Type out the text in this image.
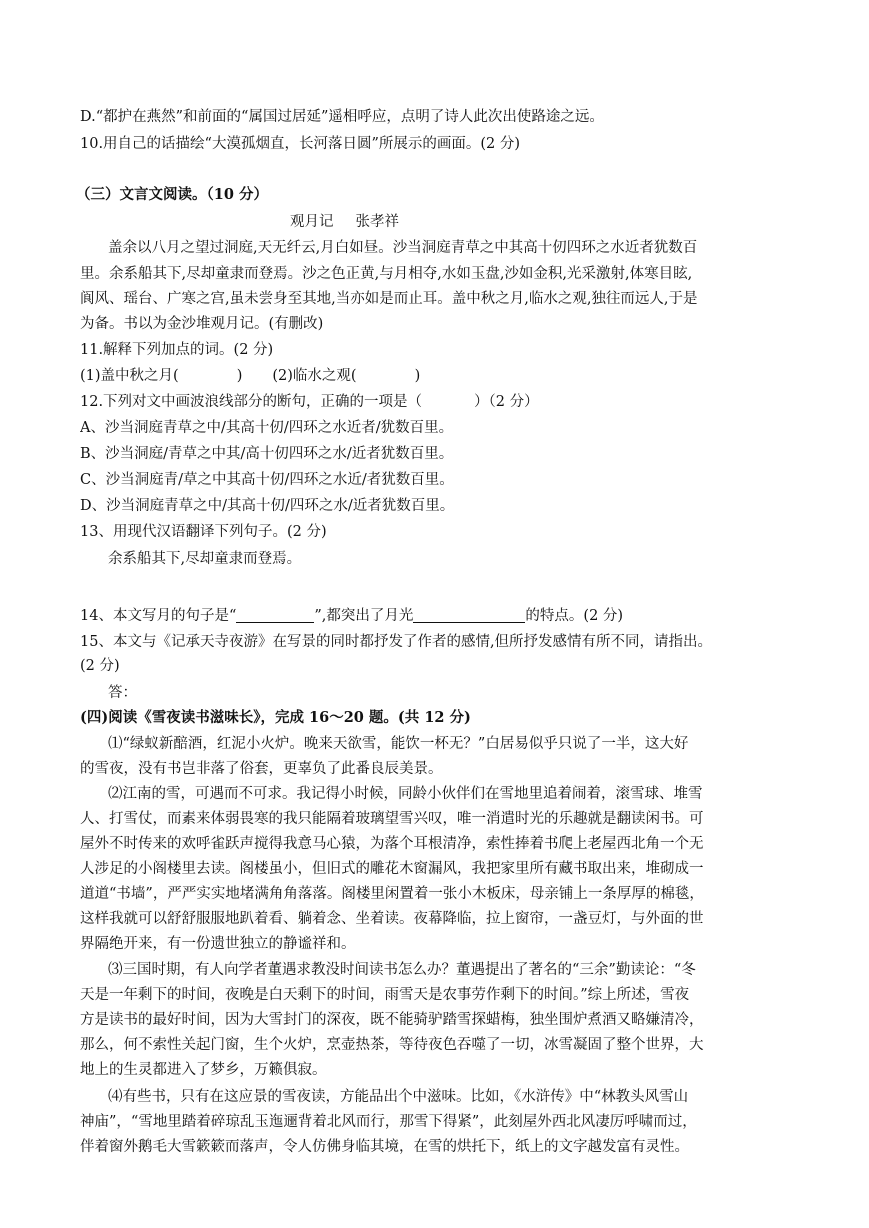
D.“都护在燕然”和前面的“属国过居延”遥相呼应，点明了诗人此次出使路途之远。
10.用自己的话描绘“大漠孤烟直，长河落日圆”所展示的画面。(2 分)
（三）文言文阅读。（10 分）
观月记 张孝祥
盖余以八月之望过洞庭,天无纤云,月白如昼。沙当洞庭青草之中其高十仞四环之水近者犹数百
里。余系船其下,尽却童隶而登焉。沙之色正黄,与月相夺,水如玉盘,沙如金积,光采激射,体寒目眩,
阆风、瑶台、广寒之宫,虽未尝身至其地,当亦如是而止耳。盖中秋之月,临水之观,独往而远人,于是
为备。书以为金沙堆观月记。(有删改)
11.解释下列加点的词。(2 分)
(1)盖中秋之月(	) (2)临水之观(	)
12.下列对文中画波浪线部分的断句，正确的一项是（	）（2 分）
A、沙当洞庭青草之中/其高十仞/四环之水近者/犹数百里。
B、沙当洞庭/青草之中其/高十仞四环之水/近者犹数百里。
C、沙当洞庭青/草之中其高十仞/四环之水近/者犹数百里。
D、沙当洞庭青草之中/其高十仞/四环之水/近者犹数百里。
13、用现代汉语翻译下列句子。(2 分)
余系船其下,尽却童隶而登焉。
14、本文写月的句子是“	”,都突出了月光	的特点。(2 分)
15、本文与《记承天寺夜游》在写景的同时都抒发了作者的感情,但所抒发感情有所不同，请指出。
(2 分)
答：
(四)阅读《雪夜读书滋味长》，完成 16～20 题。(共 12 分)
⑴“绿蚁新醅酒，红泥小火炉。晚来天欲雪，能饮一杯无？”白居易似乎只说了一半，这大好
的雪夜，没有书岂非落了俗套，更辜负了此番良辰美景。
⑵江南的雪，可遇而不可求。我记得小时候，同龄小伙伴们在雪地里追着闹着，滚雪球、堆雪
人、打雪仗，而素来体弱畏寒的我只能隔着玻璃望雪兴叹，唯一消遣时光的乐趣就是翻读闲书。可
屋外不时传来的欢呼雀跃声搅得我意马心猿，为落个耳根清净，索性捧着书爬上老屋西北角一个无
人涉足的小阁楼里去读。阁楼虽小，但旧式的雕花木窗漏风，我把家里所有藏书取出来，堆砌成一
道道“书墙”，严严实实地堵满角角落落。阁楼里闲置着一张小木板床，母亲铺上一条厚厚的棉毯，
这样我就可以舒舒服服地趴着看、躺着念、坐着读。夜幕降临，拉上窗帘，一盏豆灯，与外面的世
界隔绝开来，有一份遗世独立的静谧祥和。
⑶三国时期，有人向学者董遇求教没时间读书怎么办？董遇提出了著名的“三余”勤读论：“冬
天是一年剩下的时间，夜晚是白天剩下的时间，雨雪天是农事劳作剩下的时间。”综上所述，雪夜
方是读书的最好时间，因为大雪封门的深夜，既不能骑驴踏雪探蜡梅，独坐围炉煮酒又略嫌清冷，
那么，何不索性关起门窗，生个火炉，烹壶热茶，等待夜色吞噬了一切，冰雪凝固了整个世界，大
地上的生灵都进入了梦乡，万籁俱寂。
⑷有些书，只有在这应景的雪夜读，方能品出个中滋味。比如，《水浒传》中“林教头风雪山
神庙”，“雪地里踏着碎琼乱玉迤逦背着北风而行，那雪下得紧”，此刻屋外西北风凄厉呼啸而过，
伴着窗外鹅毛大雪簌簌而落声，令人仿佛身临其境，在雪的烘托下，纸上的文字越发富有灵性。
